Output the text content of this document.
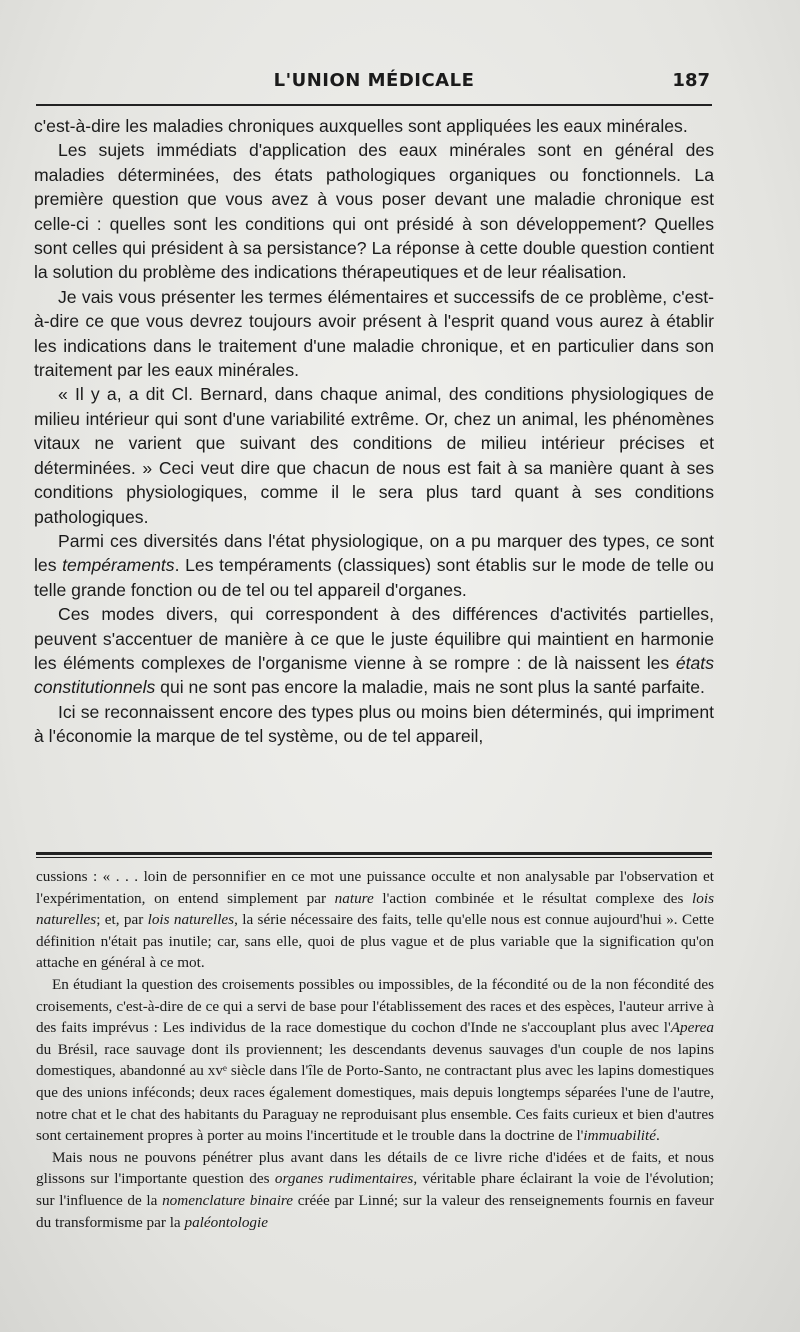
L'UNION MÉDICALE	187

c'est-à-dire les maladies chroniques auxquelles sont appliquées les eaux minérales.

Les sujets immédiats d'application des eaux minérales sont en général des maladies déterminées, des états pathologiques organiques ou fonctionnels. La première question que vous avez à vous poser devant une maladie chronique est celle-ci : quelles sont les conditions qui ont présidé à son développement? Quelles sont celles qui président à sa persistance? La réponse à cette double question contient la solution du problème des indications thérapeutiques et de leur réalisation.

Je vais vous présenter les termes élémentaires et successifs de ce problème, c'est-à-dire ce que vous devrez toujours avoir présent à l'esprit quand vous aurez à établir les indications dans le traitement d'une maladie chronique, et en particulier dans son traitement par les eaux minérales.

« Il y a, a dit Cl. Bernard, dans chaque animal, des conditions physiologiques de milieu intérieur qui sont d'une variabilité extrême. Or, chez un animal, les phénomènes vitaux ne varient que suivant des conditions de milieu intérieur précises et déterminées. » Ceci veut dire que chacun de nous est fait à sa manière quant à ses conditions physiologiques, comme il le sera plus tard quant à ses conditions pathologiques.

Parmi ces diversités dans l'état physiologique, on a pu marquer des types, ce sont les tempéraments. Les tempéraments (classiques) sont établis sur le mode de telle ou telle grande fonction ou de tel ou tel appareil d'organes.

Ces modes divers, qui correspondent à des différences d'activités partielles, peuvent s'accentuer de manière à ce que le juste équilibre qui maintient en harmonie les éléments complexes de l'organisme vienne à se rompre : de là naissent les états constitutionnels qui ne sont pas encore la maladie, mais ne sont plus la santé parfaite.

Ici se reconnaissent encore des types plus ou moins bien déterminés, qui impriment à l'économie la marque de tel système, ou de tel appareil,

cussions : « . . . loin de personnifier en ce mot une puissance occulte et non analysable par l'observation et l'expérimentation, on entend simplement par nature l'action combinée et le résultat complexe des lois naturelles; et, par lois naturelles, la série nécessaire des faits, telle qu'elle nous est connue aujourd'hui ». Cette définition n'était pas inutile; car, sans elle, quoi de plus vague et de plus variable que la signification qu'on attache en général à ce mot.

En étudiant la question des croisements possibles ou impossibles, de la fécondité ou de la non fécondité des croisements, c'est-à-dire de ce qui a servi de base pour l'établissement des races et des espèces, l'auteur arrive à des faits imprévus : Les individus de la race domestique du cochon d'Inde ne s'accouplant plus avec l'Aperea du Brésil, race sauvage dont ils proviennent; les descendants devenus sauvages d'un couple de nos lapins domestiques, abandonné au xvᵉ siècle dans l'île de Porto-Santo, ne contractant plus avec les lapins domestiques que des unions inféconds; deux races également domestiques, mais depuis longtemps séparées l'une de l'autre, notre chat et le chat des habitants du Paraguay ne reproduisant plus ensemble. Ces faits curieux et bien d'autres sont certainement propres à porter au moins l'incertitude et le trouble dans la doctrine de l'immuabilité.

Mais nous ne pouvons pénétrer plus avant dans les détails de ce livre riche d'idées et de faits, et nous glissons sur l'importante question des organes rudimentaires, véritable phare éclairant la voie de l'évolution; sur l'influence de la nomenclature binaire créée par Linné; sur la valeur des renseignements fournis en faveur du transformisme par la paléontologie
